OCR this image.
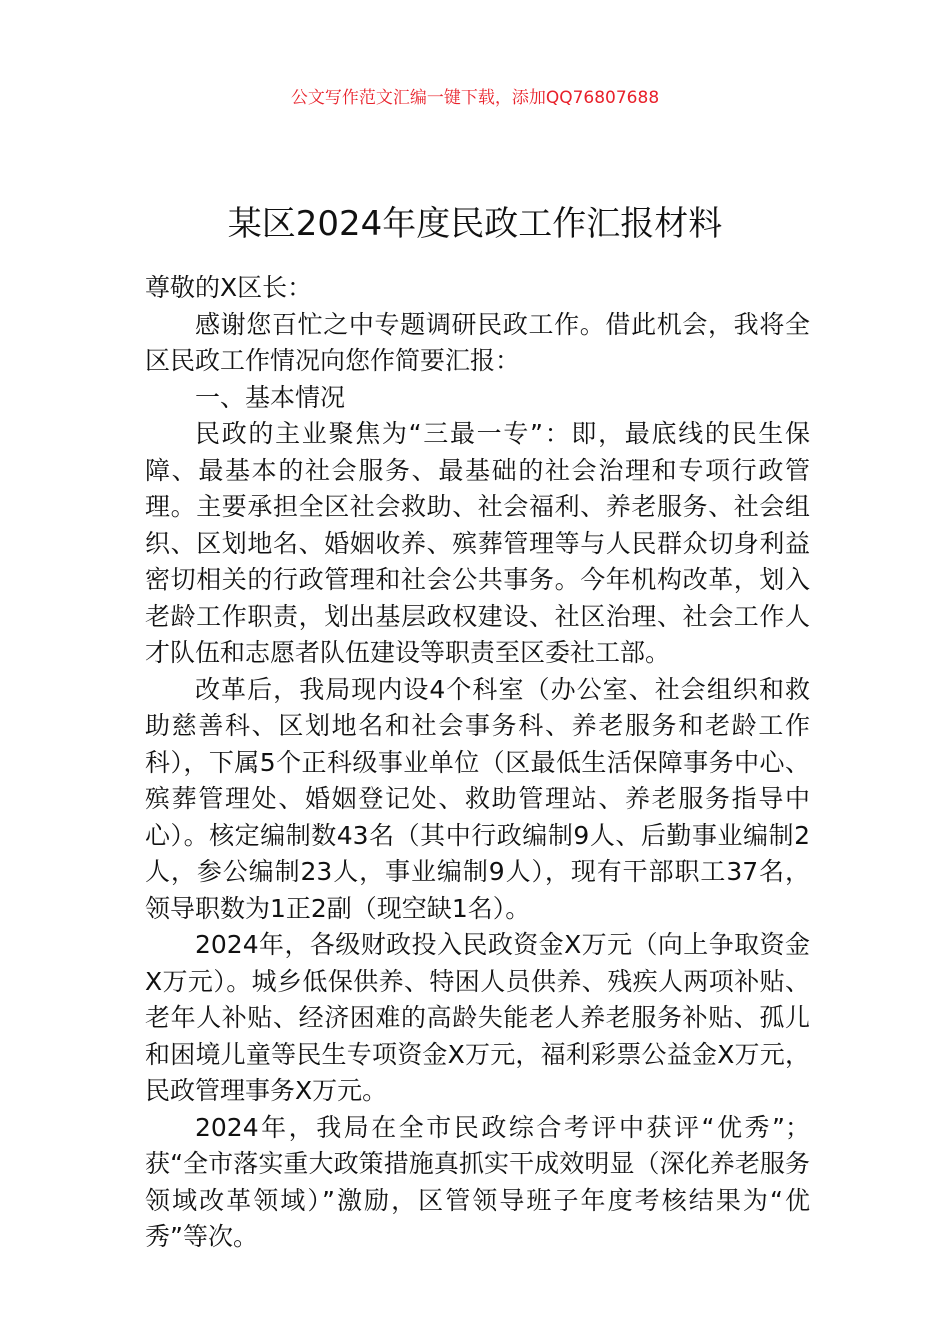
公文写作范文汇编一键下载，添加QQ76807688
某区2024年度民政工作汇报材料

尊敬的X区长：

感谢您百忙之中专题调研民政工作。借此机会，我将全区民政工作情况向您作简要汇报：

一、基本情况

民政的主业聚焦为“三最一专”：即，最底线的民生保障、最基本的社会服务、最基础的社会治理和专项行政管理。主要承担全区社会救助、社会福利、养老服务、社会组织、区划地名、婚姻收养、殡葬管理等与人民群众切身利益密切相关的行政管理和社会公共事务。今年机构改革，划入老龄工作职责，划出基层政权建设、社区治理、社会工作人才队伍和志愿者队伍建设等职责至区委社工部。

改革后，我局现内设4个科室（办公室、社会组织和救助慈善科、区划地名和社会事务科、养老服务和老龄工作科），下属5个正科级事业单位（区最低生活保障事务中心、殡葬管理处、婚姻登记处、救助管理站、养老服务指导中心）。核定编制数43名（其中行政编制9人、后勤事业编制2人，参公编制23人，事业编制9人），现有干部职工37名，领导职数为1正2副（现空缺1名）。

2024年，各级财政投入民政资金X万元（向上争取资金X万元）。城乡低保供养、特困人员供养、残疾人两项补贴、老年人补贴、经济困难的高龄失能老人养老服务补贴、孤儿和困境儿童等民生专项资金X万元，福利彩票公益金X万元，民政管理事务X万元。

2024年，我局在全市民政综合考评中获评“优秀”；获“全市落实重大政策措施真抓实干成效明显（深化养老服务领域改革领域）”激励，区管领导班子年度考核结果为“优秀”等次。
